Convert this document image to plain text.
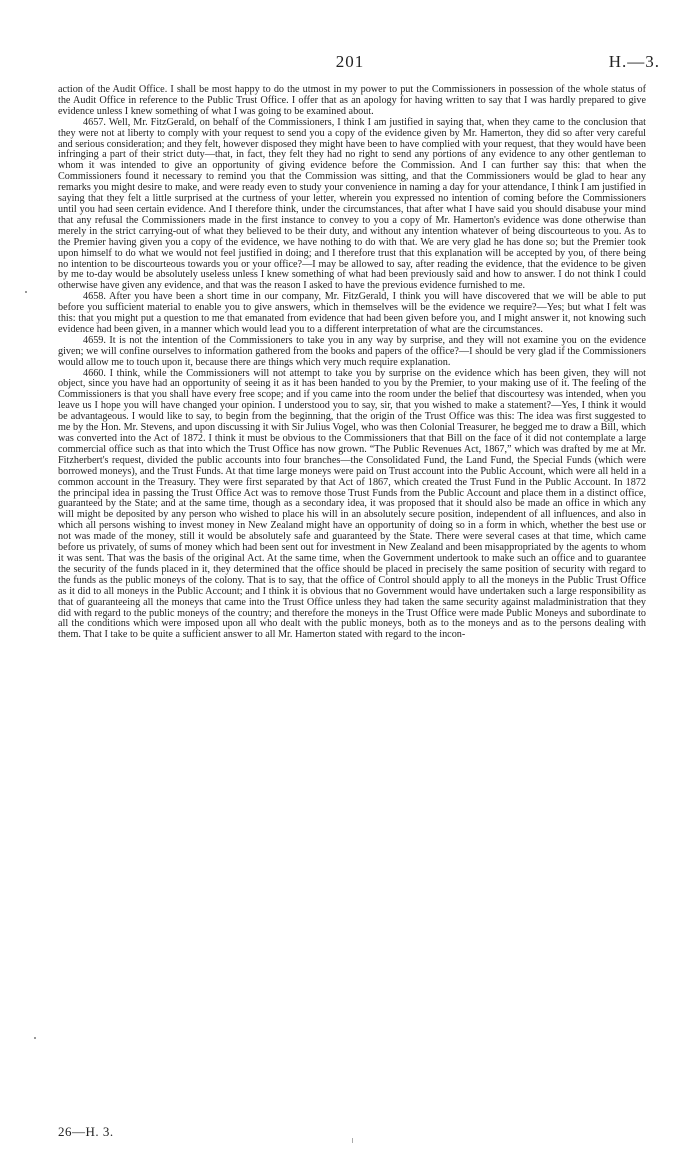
201	H.—3.

action of the Audit Office. I shall be most happy to do the utmost in my power to put the Commissioners in possession of the whole status of the Audit Office in reference to the Public Trust Office. I offer that as an apology for having written to say that I was hardly prepared to give evidence unless I knew something of what I was going to be examined about.

4657. Well, Mr. FitzGerald, on behalf of the Commissioners, I think I am justified in saying that, when they came to the conclusion that they were not at liberty to comply with your request to send you a copy of the evidence given by Mr. Hamerton, they did so after very careful and serious consideration; and they felt, however disposed they might have been to have complied with your request, that they would have been infringing a part of their strict duty—that, in fact, they felt they had no right to send any portions of any evidence to any other gentleman to whom it was intended to give an opportunity of giving evidence before the Commission. And I can further say this: that when the Commissioners found it necessary to remind you that the Commission was sitting, and that the Commissioners would be glad to hear any remarks you might desire to make, and were ready even to study your convenience in naming a day for your attendance, I think I am justified in saying that they felt a little surprised at the curtness of your letter, wherein you expressed no intention of coming before the Commissioners until you had seen certain evidence. And I therefore think, under the circumstances, that after what I have said you should disabuse your mind that any refusal the Commissioners made in the first instance to convey to you a copy of Mr. Hamerton's evidence was done otherwise than merely in the strict carrying-out of what they believed to be their duty, and without any intention whatever of being discourteous to you. As to the Premier having given you a copy of the evidence, we have nothing to do with that. We are very glad he has done so; but the Premier took upon himself to do what we would not feel justified in doing; and I therefore trust that this explanation will be accepted by you, of there being no intention to be discourteous towards you or your office?—I may be allowed to say, after reading the evidence, that the evidence to be given by me to-day would be absolutely useless unless I knew something of what had been previously said and how to answer. I do not think I could otherwise have given any evidence, and that was the reason I asked to have the previous evidence furnished to me.

4658. After you have been a short time in our company, Mr. FitzGerald, I think you will have discovered that we will be able to put before you sufficient material to enable you to give answers, which in themselves will be the evidence we require?—Yes; but what I felt was this: that you might put a question to me that emanated from evidence that had been given before you, and I might answer it, not knowing such evidence had been given, in a manner which would lead you to a different interpretation of what are the circumstances.

4659. It is not the intention of the Commissioners to take you in any way by surprise, and they will not examine you on the evidence given; we will confine ourselves to information gathered from the books and papers of the office?—I should be very glad if the Commissioners would allow me to touch upon it, because there are things which very much require explanation.

4660. I think, while the Commissioners will not attempt to take you by surprise on the evidence which has been given, they will not object, since you have had an opportunity of seeing it as it has been handed to you by the Premier, to your making use of it. The feeling of the Commissioners is that you shall have every free scope; and if you came into the room under the belief that discourtesy was intended, when you leave us I hope you will have changed your opinion. I understood you to say, sir, that you wished to make a statement?—Yes, I think it would be advantageous. I would like to say, to begin from the beginning, that the origin of the Trust Office was this: The idea was first suggested to me by the Hon. Mr. Stevens, and upon discussing it with Sir Julius Vogel, who was then Colonial Treasurer, he begged me to draw a Bill, which was converted into the Act of 1872. I think it must be obvious to the Commissioners that that Bill on the face of it did not contemplate a large commercial office such as that into which the Trust Office has now grown. “The Public Revenues Act, 1867,” which was drafted by me at Mr. Fitzherbert's request, divided the public accounts into four branches—the Consolidated Fund, the Land Fund, the Special Funds (which were borrowed moneys), and the Trust Funds. At that time large moneys were paid on Trust account into the Public Account, which were all held in a common account in the Treasury. They were first separated by that Act of 1867, which created the Trust Fund in the Public Account. In 1872 the principal idea in passing the Trust Office Act was to remove those Trust Funds from the Public Account and place them in a distinct office, guaranteed by the State; and at the same time, though as a secondary idea, it was proposed that it should also be made an office in which any will might be deposited by any person who wished to place his will in an absolutely secure position, independent of all influences, and also in which all persons wishing to invest money in New Zealand might have an opportunity of doing so in a form in which, whether the best use or not was made of the money, still it would be absolutely safe and guaranteed by the State. There were several cases at that time, which came before us privately, of sums of money which had been sent out for investment in New Zealand and been misappropriated by the agents to whom it was sent. That was the basis of the original Act. At the same time, when the Government undertook to make such an office and to guarantee the security of the funds placed in it, they determined that the office should be placed in precisely the same position of security with regard to the funds as the public moneys of the colony. That is to say, that the office of Control should apply to all the moneys in the Public Trust Office as it did to all moneys in the Public Account; and I think it is obvious that no Government would have undertaken such a large responsibility as that of guaranteeing all the moneys that came into the Trust Office unless they had taken the same security against maladministration that they did with regard to the public moneys of the country; and therefore the moneys in the Trust Office were made Public Moneys and subordinate to all the conditions which were imposed upon all who dealt with the public moneys, both as to the moneys and as to the persons dealing with them. That I take to be quite a sufficient answer to all Mr. Hamerton stated with regard to the incon-

26—H. 3.
